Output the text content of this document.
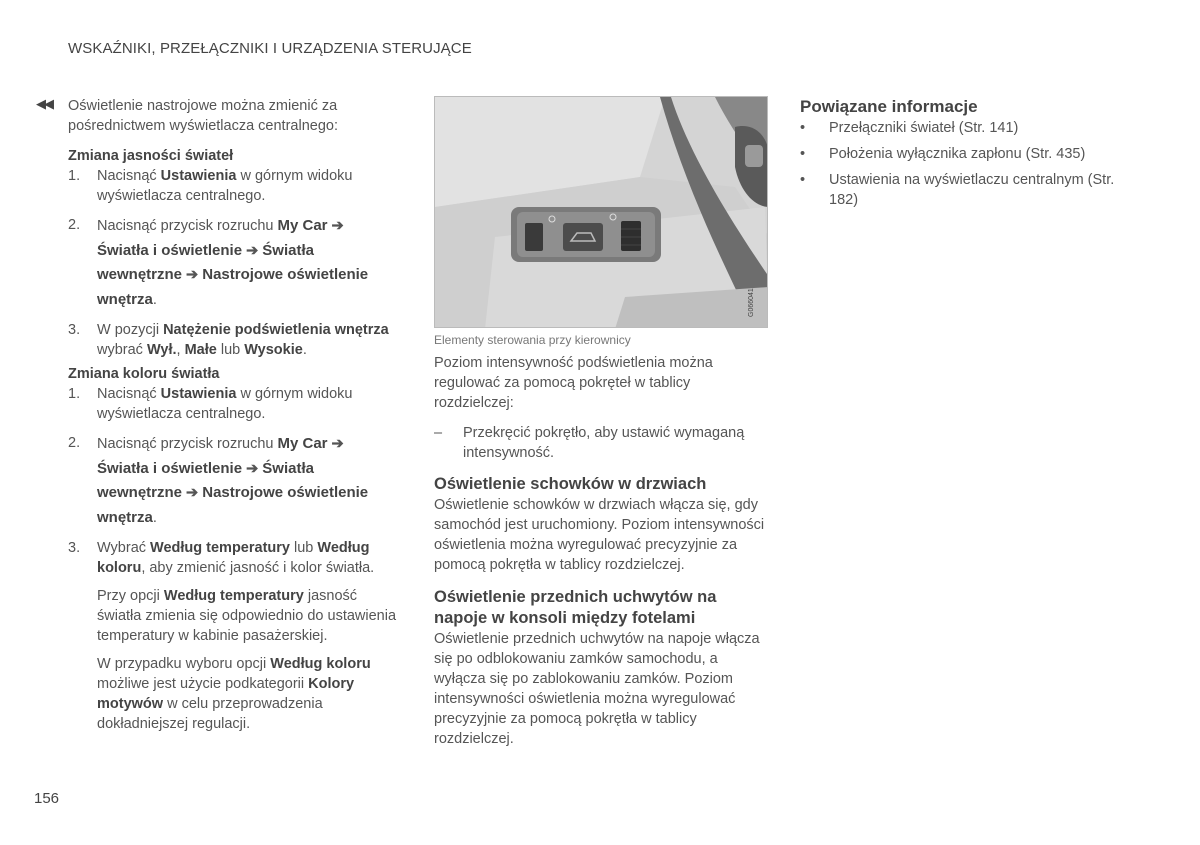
WSKAŹNIKI, PRZEŁĄCZNIKI I URZĄDZENIA STERUJĄCE
◀◀ Oświetlenie nastrojowe można zmienić za pośrednictwem wyświetlacza centralnego:

Zmiana jasności świateł

1. Nacisnąć Ustawienia w górnym widoku wyświetlacza centralnego.
2. Nacisnąć przycisk rozruchu My Car ➔ Światła i oświetlenie ➔ Światła wewnętrzne ➔ Nastrojowe oświetlenie wnętrza.
3. W pozycji Natężenie podświetlenia wnętrza wybrać Wył., Małe lub Wysokie.

Zmiana koloru światła

1. Nacisnąć Ustawienia w górnym widoku wyświetlacza centralnego.
2. Nacisnąć przycisk rozruchu My Car ➔ Światła i oświetlenie ➔ Światła wewnętrzne ➔ Nastrojowe oświetlenie wnętrza.
3. Wybrać Według temperatury lub Według koloru, aby zmienić jasność i kolor światła.

Przy opcji Według temperatury jasność światła zmienia się odpowiednio do ustawienia temperatury w kabinie pasażerskiej.

W przypadku wyboru opcji Według koloru możliwe jest użycie podkategorii Kolory motywów w celu przeprowadzenia dokładniejszej regulacji.

G066041

Elementy sterowania przy kierownicy

Poziom intensywność podświetlenia można regulować za pomocą pokręteł w tablicy rozdzielczej:

– Przekręcić pokrętło, aby ustawić wymaganą intensywność.

Oświetlenie schowków w drzwiach

Oświetlenie schowków w drzwiach włącza się, gdy samochód jest uruchomiony. Poziom intensywności oświetlenia można wyregulować precyzyjnie za pomocą pokrętła w tablicy rozdzielczej.

Oświetlenie przednich uchwytów na napoje w konsoli między fotelami

Oświetlenie przednich uchwytów na napoje włącza się po odblokowaniu zamków samochodu, a wyłącza się po zablokowaniu zamków. Poziom intensywności oświetlenia można wyregulować precyzyjnie za pomocą pokrętła w tablicy rozdzielczej.

Powiązane informacje

• Przełączniki świateł (Str. 141)
• Położenia wyłącznika zapłonu (Str. 435)
• Ustawienia na wyświetlaczu centralnym (Str. 182)
156
